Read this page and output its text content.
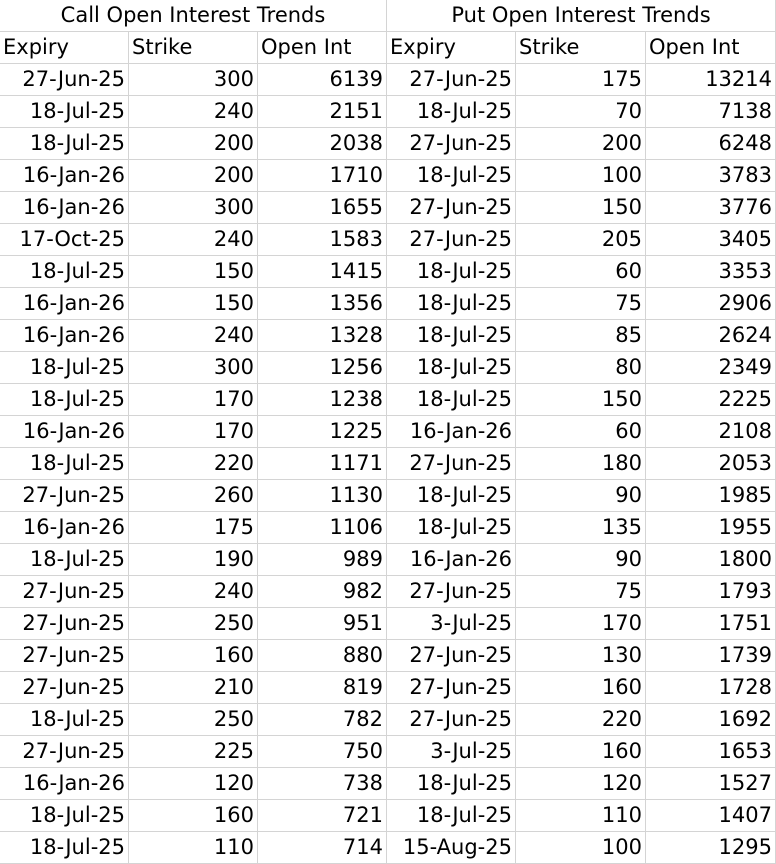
Call Open Interest Trends	Put Open Interest Trends
Expiry	Strike	Open Int	Expiry	Strike	Open Int
27-Jun-25	300	6139	27-Jun-25	175	13214
18-Jul-25	240	2151	18-Jul-25	70	7138
18-Jul-25	200	2038	27-Jun-25	200	6248
16-Jan-26	200	1710	18-Jul-25	100	3783
16-Jan-26	300	1655	27-Jun-25	150	3776
17-Oct-25	240	1583	27-Jun-25	205	3405
18-Jul-25	150	1415	18-Jul-25	60	3353
16-Jan-26	150	1356	18-Jul-25	75	2906
16-Jan-26	240	1328	18-Jul-25	85	2624
18-Jul-25	300	1256	18-Jul-25	80	2349
18-Jul-25	170	1238	18-Jul-25	150	2225
16-Jan-26	170	1225	16-Jan-26	60	2108
18-Jul-25	220	1171	27-Jun-25	180	2053
27-Jun-25	260	1130	18-Jul-25	90	1985
16-Jan-26	175	1106	18-Jul-25	135	1955
18-Jul-25	190	989	16-Jan-26	90	1800
27-Jun-25	240	982	27-Jun-25	75	1793
27-Jun-25	250	951	3-Jul-25	170	1751
27-Jun-25	160	880	27-Jun-25	130	1739
27-Jun-25	210	819	27-Jun-25	160	1728
18-Jul-25	250	782	27-Jun-25	220	1692
27-Jun-25	225	750	3-Jul-25	160	1653
16-Jan-26	120	738	18-Jul-25	120	1527
18-Jul-25	160	721	18-Jul-25	110	1407
18-Jul-25	110	714 15-Aug-25	100	1295
